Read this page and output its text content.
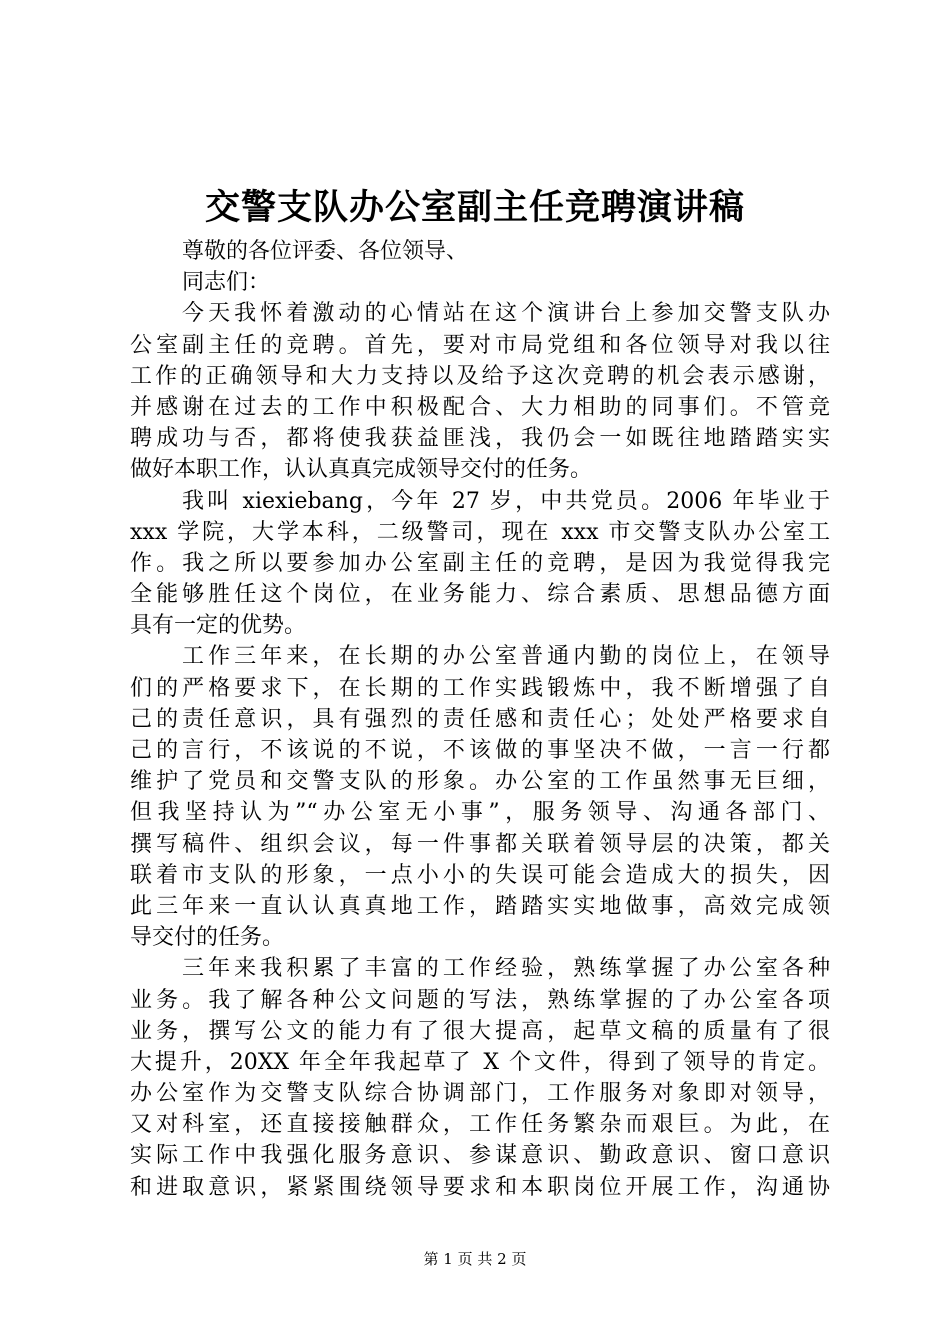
交警支队办公室副主任竞聘演讲稿
尊敬的各位评委、各位领导、
同志们：
今天我怀着激动的心情站在这个演讲台上参加交警支队办
公室副主任的竞聘。首先，要对市局党组和各位领导对我以往
工作的正确领导和大力支持以及给予这次竞聘的机会表示感谢，
并感谢在过去的工作中积极配合、大力相助的同事们。不管竞
聘成功与否，都将使我获益匪浅，我仍会一如既往地踏踏实实
做好本职工作，认认真真完成领导交付的任务。
我叫 xiexiebang，今年 27 岁，中共党员。2006 年毕业于
xxx 学院，大学本科，二级警司，现在 xxx 市交警支队办公室工
作。我之所以要参加办公室副主任的竞聘，是因为我觉得我完
全能够胜任这个岗位，在业务能力、综合素质、思想品德方面
具有一定的优势。
工作三年来，在长期的办公室普通内勤的岗位上，在领导
们的严格要求下，在长期的工作实践锻炼中，我不断增强了自
己的责任意识，具有强烈的责任感和责任心；处处严格要求自
己的言行，不该说的不说，不该做的事坚决不做，一言一行都
维护了党员和交警支队的形象。办公室的工作虽然事无巨细，
但我坚持认为”“办公室无小事”，服务领导、沟通各部门、
撰写稿件、组织会议，每一件事都关联着领导层的决策，都关
联着市支队的形象，一点小小的失误可能会造成大的损失，因
此三年来一直认认真真地工作，踏踏实实地做事，高效完成领
导交付的任务。
三年来我积累了丰富的工作经验，熟练掌握了办公室各种
业务。我了解各种公文问题的写法，熟练掌握的了办公室各项
业务，撰写公文的能力有了很大提高，起草文稿的质量有了很
大提升，20XX 年全年我起草了 X 个文件，得到了领导的肯定。
办公室作为交警支队综合协调部门，工作服务对象即对领导，
又对科室，还直接接触群众，工作任务繁杂而艰巨。为此，在
实际工作中我强化服务意识、参谋意识、勤政意识、窗口意识
和进取意识，紧紧围绕领导要求和本职岗位开展工作，沟通协
第 1 页 共 2 页
